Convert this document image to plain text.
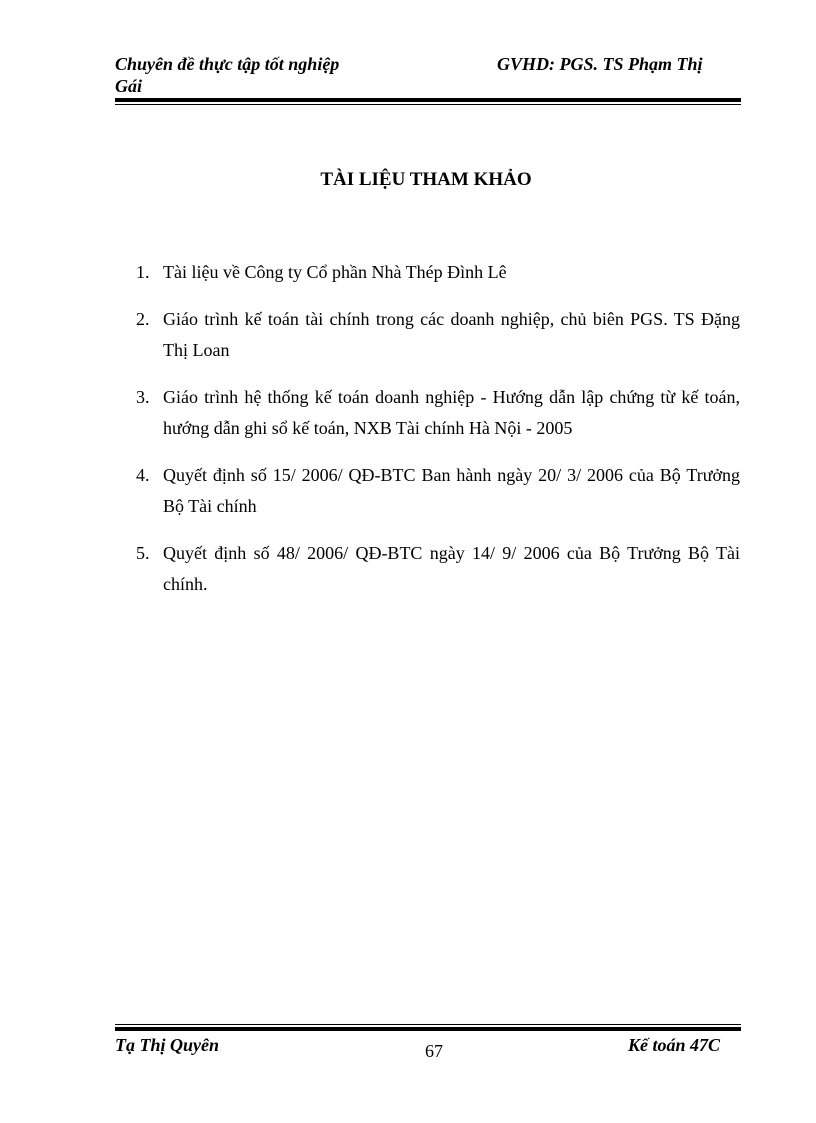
Chuyên đề thực tập tốt nghiệp	GVHD: PGS. TS Phạm Thị

Gái

TÀI LIỆU THAM KHẢO
1. Tài liệu về Công ty Cổ phần Nhà Thép Đình Lê
2. Giáo trình kế toán tài chính trong các doanh nghiệp, chủ biên PGS. TS Đặng Thị Loan
3. Giáo trình hệ thống kế toán doanh nghiệp - Hướng dẫn lập chứng từ kế toán, hướng dẫn ghi sổ kế toán, NXB Tài chính Hà Nội - 2005
4. Quyết định số 15/ 2006/ QĐ-BTC Ban hành ngày 20/ 3/ 2006 của Bộ Trưởng Bộ Tài chính
5. Quyết định số 48/ 2006/ QĐ-BTC ngày 14/ 9/ 2006 của Bộ Trưởng Bộ Tài chính.

Tạ Thị Quyên	67	Kế toán 47C
